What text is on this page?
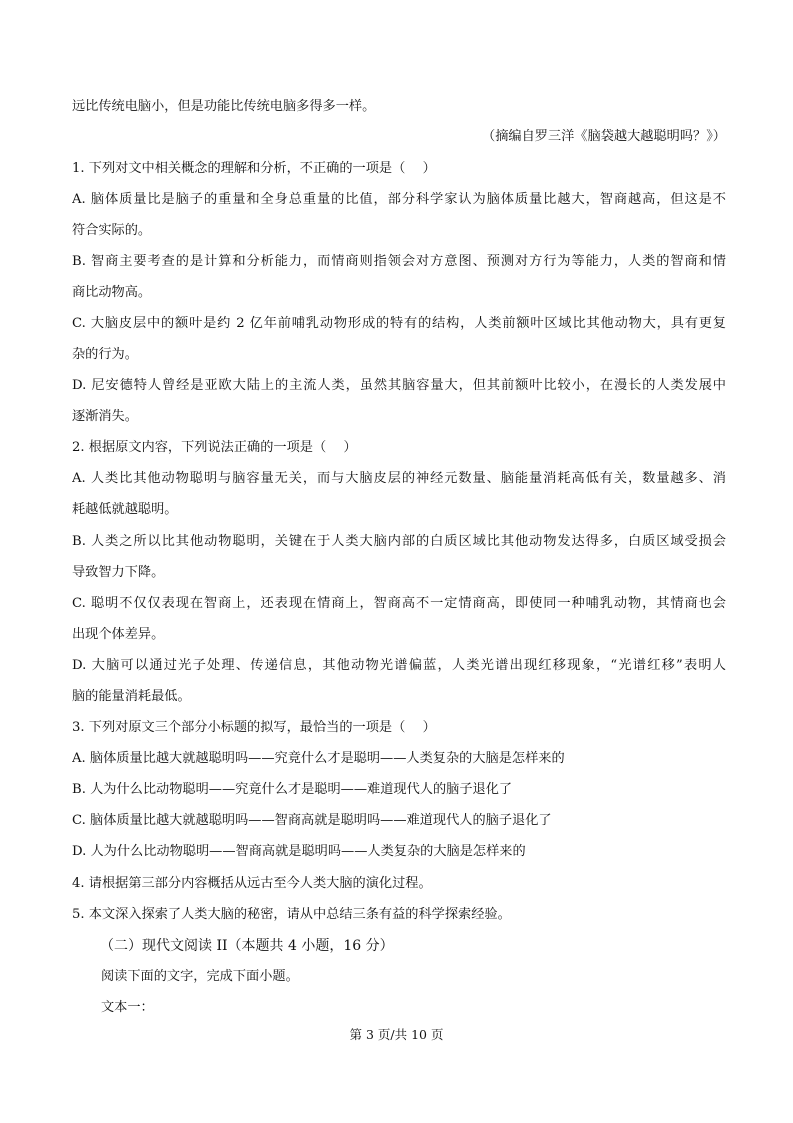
远比传统电脑小，但是功能比传统电脑多得多一样。
（摘编自罗三洋《脑袋越大越聪明吗？》）
1. 下列对文中相关概念的理解和分析，不正确的一项是（　 ）
A. 脑体质量比是脑子的重量和全身总重量的比值，部分科学家认为脑体质量比越大，智商越高，但这是不
符合实际的。
B. 智商主要考查的是计算和分析能力，而情商则指领会对方意图、预测对方行为等能力，人类的智商和情
商比动物高。
C. 大脑皮层中的额叶是约 2 亿年前哺乳动物形成的特有的结构，人类前额叶区域比其他动物大，具有更复
杂的行为。
D. 尼安德特人曾经是亚欧大陆上的主流人类，虽然其脑容量大，但其前额叶比较小，在漫长的人类发展中
逐渐消失。
2. 根据原文内容，下列说法正确的一项是（　 ）
A. 人类比其他动物聪明与脑容量无关，而与大脑皮层的神经元数量、脑能量消耗高低有关，数量越多、消
耗越低就越聪明。
B. 人类之所以比其他动物聪明，关键在于人类大脑内部的白质区域比其他动物发达得多，白质区域受损会
导致智力下降。
C. 聪明不仅仅表现在智商上，还表现在情商上，智商高不一定情商高，即使同一种哺乳动物，其情商也会
出现个体差异。
D. 大脑可以通过光子处理、传递信息，其他动物光谱偏蓝，人类光谱出现红移现象，“光谱红移”表明人
脑的能量消耗最低。
3. 下列对原文三个部分小标题的拟写，最恰当的一项是（　 ）
A. 脑体质量比越大就越聪明吗——究竟什么才是聪明——人类复杂的大脑是怎样来的
B. 人为什么比动物聪明——究竟什么才是聪明——难道现代人的脑子退化了
C. 脑体质量比越大就越聪明吗——智商高就是聪明吗——难道现代人的脑子退化了
D. 人为什么比动物聪明——智商高就是聪明吗——人类复杂的大脑是怎样来的
4. 请根据第三部分内容概括从远古至今人类大脑的演化过程。
5. 本文深入探索了人类大脑的秘密，请从中总结三条有益的科学探索经验。
（二）现代文阅读 II（本题共 4 小题，16 分）
阅读下面的文字，完成下面小题。
文本一：
第 3 页/共 10 页
